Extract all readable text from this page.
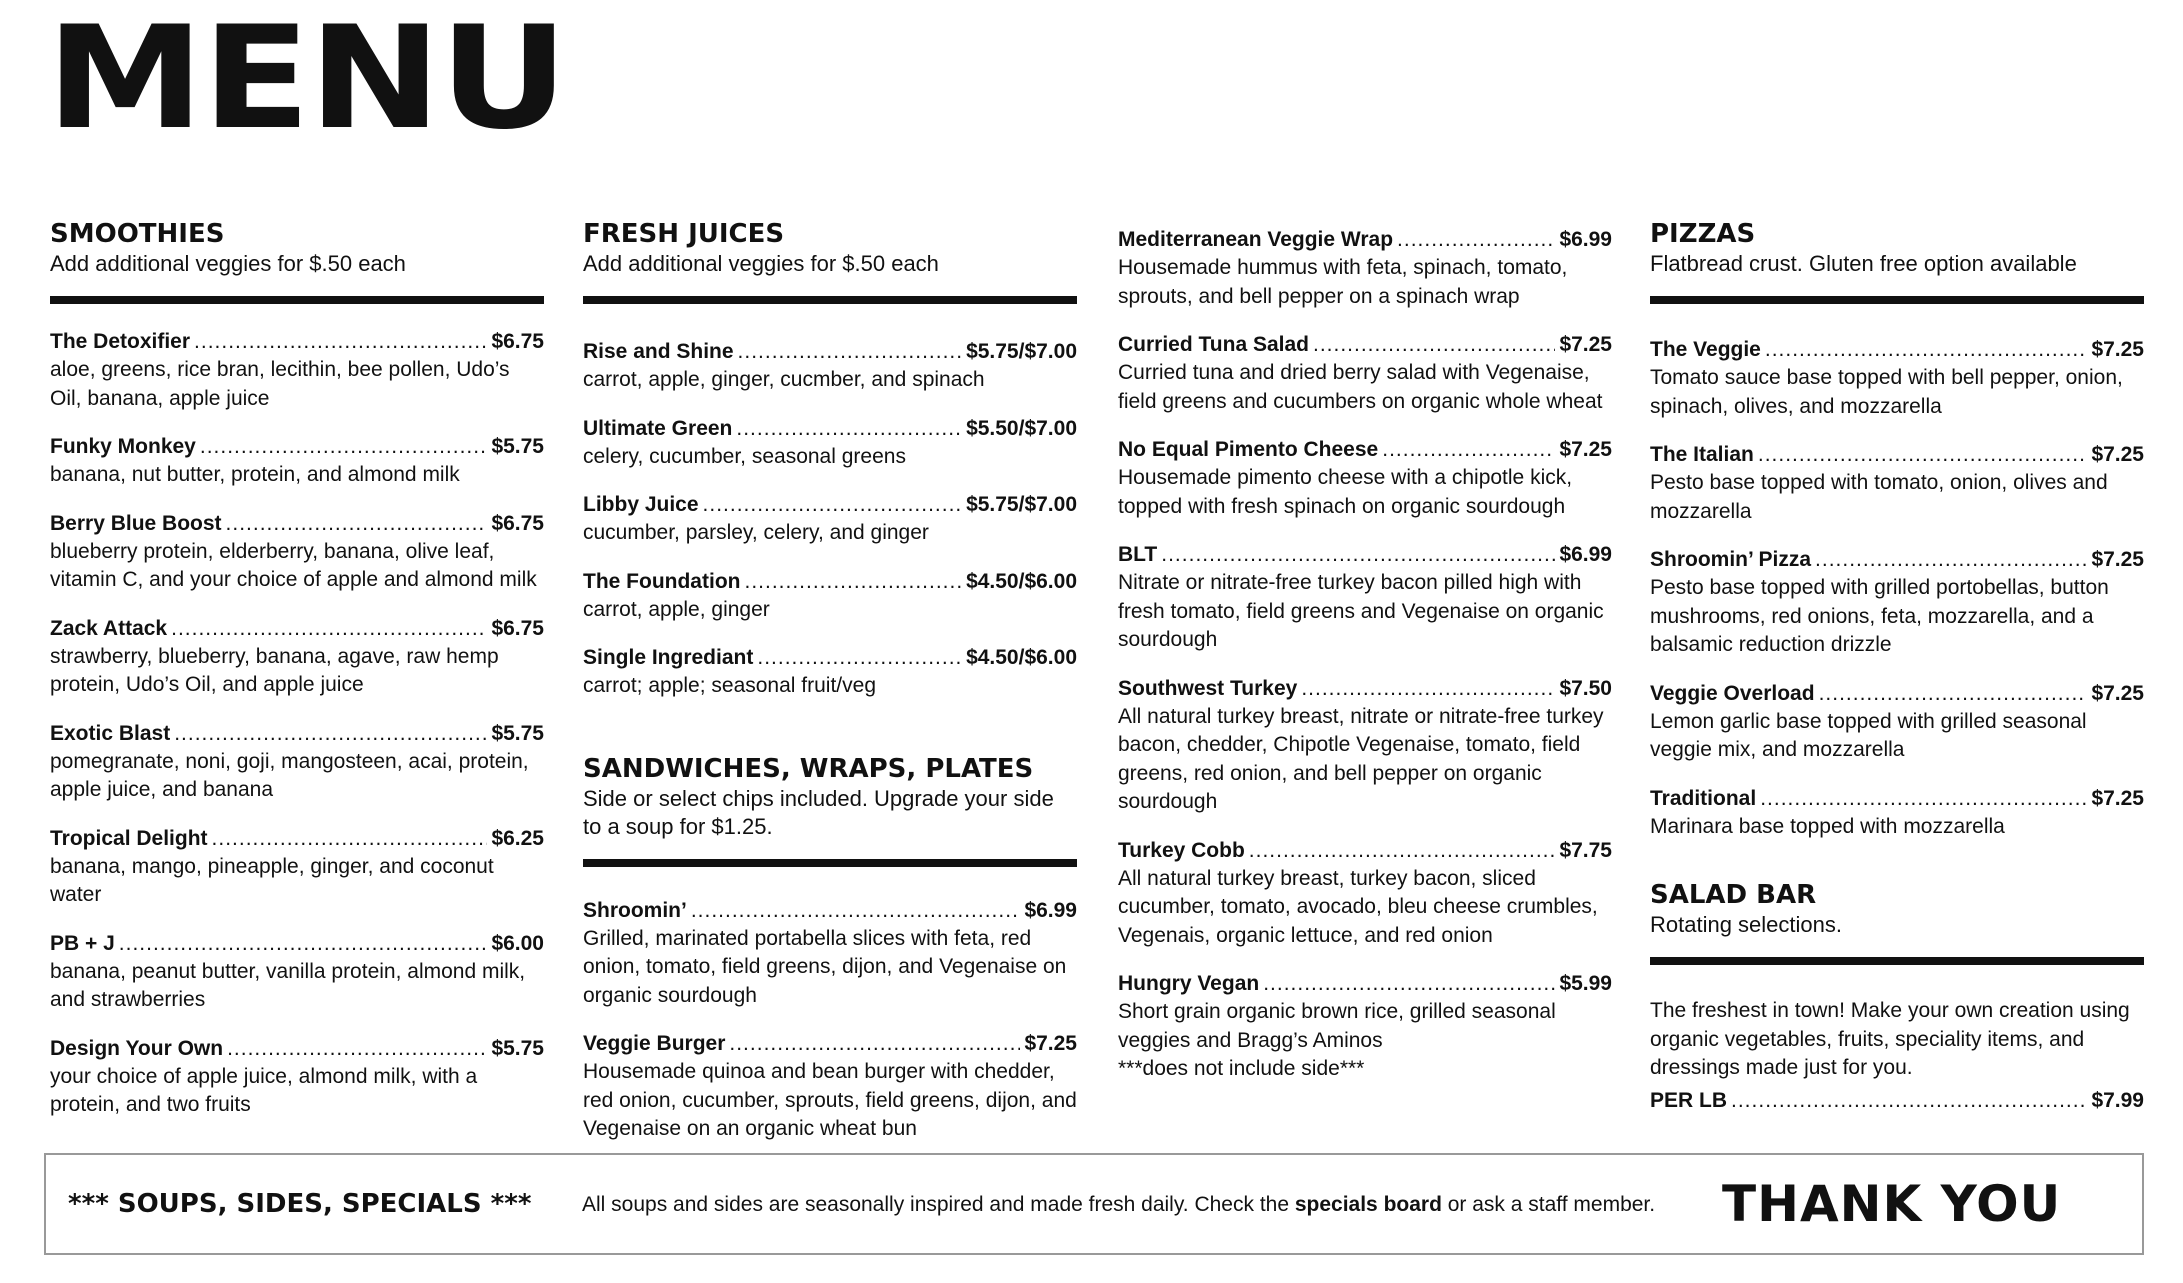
MENU
SMOOTHIES
Add additional veggies for $.50 each
The Detoxifier .....	$6.75
aloe, greens, rice bran, lecithin, bee pollen, Udo’s Oil, banana, apple juice
Funky Monkey .....	$5.75
banana, nut butter, protein, and almond milk
Berry Blue Boost .....	$6.75
blueberry protein, elderberry, banana, olive leaf, vitamin C, and your choice of apple and almond milk
Zack Attack .....	$6.75
strawberry, blueberry, banana, agave, raw hemp protein, Udo’s Oil, and apple juice
Exotic Blast .....	$5.75
pomegranate, noni, goji, mangosteen, acai, protein, apple juice, and banana
Tropical Delight .....	$6.25
banana, mango, pineapple, ginger, and coconut water
PB + J .....	$6.00
banana, peanut butter, vanilla protein, almond milk, and strawberries
Design Your Own .....	$5.75
your choice of apple juice, almond milk, with a protein, and two fruits
FRESH JUICES
Add additional veggies for $.50 each
Rise and Shine .....	$5.75/$7.00
carrot, apple, ginger, cucmber, and spinach
Ultimate Green .....	$5.50/$7.00
celery, cucumber, seasonal greens
Libby Juice .....	$5.75/$7.00
cucumber, parsley, celery, and ginger
The Foundation .....	$4.50/$6.00
carrot, apple, ginger
Single Ingrediant .....	$4.50/$6.00
carrot; apple; seasonal fruit/veg
SANDWICHES, WRAPS, PLATES
Side or select chips included. Upgrade your side to a soup for $1.25.
Shroomin’ .....	$6.99
Grilled, marinated portabella slices with feta, red onion, tomato, field greens, dijon, and Vegenaise on organic sourdough
Veggie Burger .....	$7.25
Housemade quinoa and bean burger with chedder, red onion, cucumber, sprouts, field greens, dijon, and Vegenaise on an organic wheat bun
Mediterranean Veggie Wrap .....	$6.99
Housemade hummus with feta, spinach, tomato, sprouts, and bell pepper on a spinach wrap
Curried Tuna Salad .....	$7.25
Curried tuna and dried berry salad with Vegenaise, field greens and cucumbers on organic whole wheat
No Equal Pimento Cheese .....	$7.25
Housemade pimento cheese with a chipotle kick, topped with fresh spinach on organic sourdough
BLT .....	$6.99
Nitrate or nitrate-free turkey bacon pilled high with fresh tomato, field greens and Vegenaise on organic sourdough
Southwest Turkey .....	$7.50
All natural turkey breast, nitrate or nitrate-free turkey bacon, chedder, Chipotle Vegenaise, tomato, field greens, red onion, and bell pepper on organic sourdough
Turkey Cobb .....	$7.75
All natural turkey breast, turkey bacon, sliced cucumber, tomato, avocado, bleu cheese crumbles, Vegenais, organic lettuce, and red onion
Hungry Vegan .....	$5.99
Short grain organic brown rice, grilled seasonal veggies and Bragg’s Aminos
***does not include side***
PIZZAS
Flatbread crust. Gluten free option available
The Veggie .....	$7.25
Tomato sauce base topped with bell pepper, onion, spinach, olives, and mozzarella
The Italian .....	$7.25
Pesto base topped with tomato, onion, olives and mozzarella
Shroomin’ Pizza .....	$7.25
Pesto base topped with grilled portobellas, button mushrooms, red onions, feta, mozzarella, and a balsamic reduction drizzle
Veggie Overload .....	$7.25
Lemon garlic base topped with grilled seasonal veggie mix, and mozzarella
Traditional .....	$7.25
Marinara base topped with mozzarella
SALAD BAR
Rotating selections.
The freshest in town! Make your own creation using organic vegetables, fruits, speciality items, and dressings made just for you.
PER LB .....	$7.99
*** SOUPS, SIDES, SPECIALS *** All soups and sides are seasonally inspired and made fresh daily. Check the specials board or ask a staff member. THANK YOU
